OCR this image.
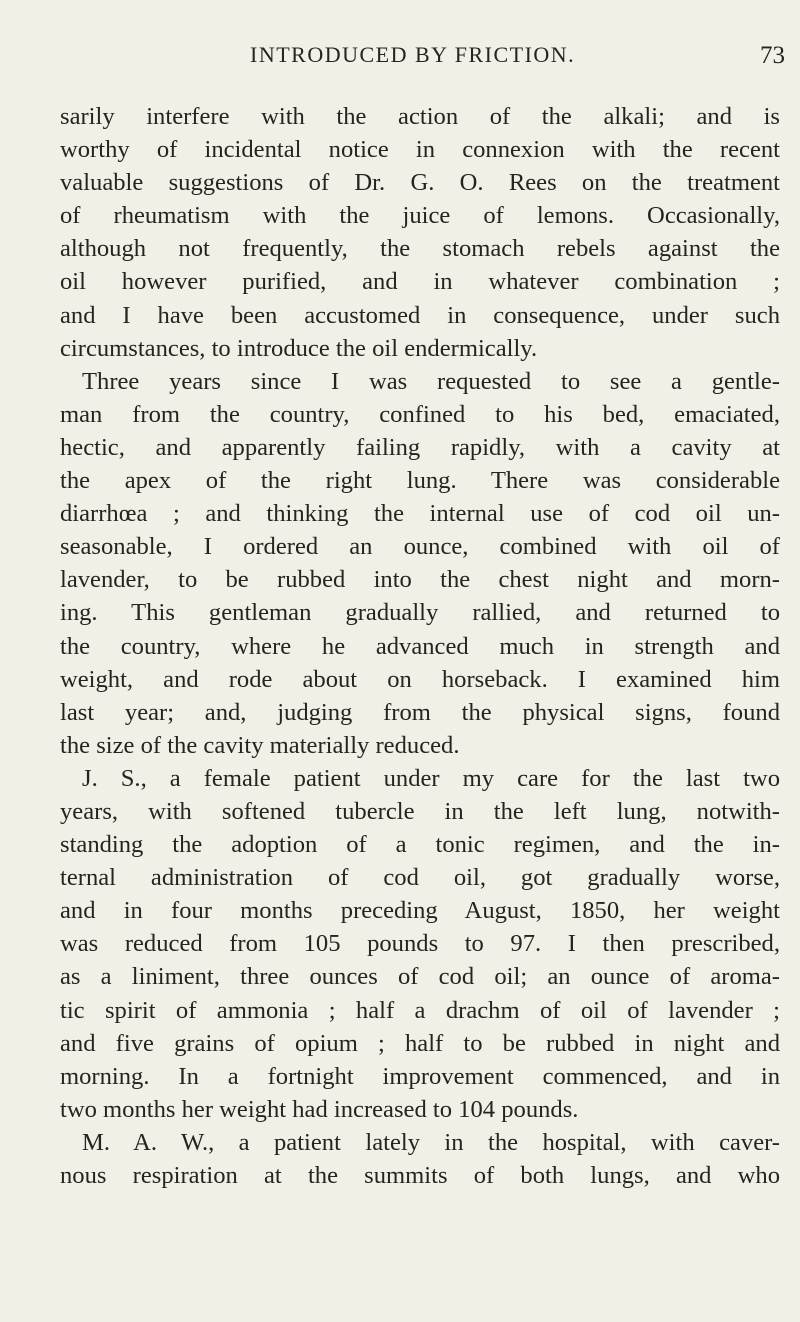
INTRODUCED BY FRICTION.	73
sarily interfere with the action of the alkali; and is
worthy of incidental notice in connexion with the recent
valuable suggestions of Dr. G. O. Rees on the treatment
of rheumatism with the juice of lemons. Occasionally,
although not frequently, the stomach rebels against the
oil however purified, and in whatever combination ;
and I have been accustomed in consequence, under such
circumstances, to introduce the oil endermically.
Three years since I was requested to see a gentle-
man from the country, confined to his bed, emaciated,
hectic, and apparently failing rapidly, with a cavity at
the apex of the right lung. There was considerable
diarrhœa ; and thinking the internal use of cod oil un-
seasonable, I ordered an ounce, combined with oil of
lavender, to be rubbed into the chest night and morn-
ing. This gentleman gradually rallied, and returned to
the country, where he advanced much in strength and
weight, and rode about on horseback. I examined him
last year; and, judging from the physical signs, found
the size of the cavity materially reduced.
J. S., a female patient under my care for the last two
years, with softened tubercle in the left lung, notwith-
standing the adoption of a tonic regimen, and the in-
ternal administration of cod oil, got gradually worse,
and in four months preceding August, 1850, her weight
was reduced from 105 pounds to 97. I then prescribed,
as a liniment, three ounces of cod oil; an ounce of aroma-
tic spirit of ammonia ; half a drachm of oil of lavender ;
and five grains of opium ; half to be rubbed in night and
morning. In a fortnight improvement commenced, and in
two months her weight had increased to 104 pounds.
M. A. W., a patient lately in the hospital, with caver-
nous respiration at the summits of both lungs, and who
